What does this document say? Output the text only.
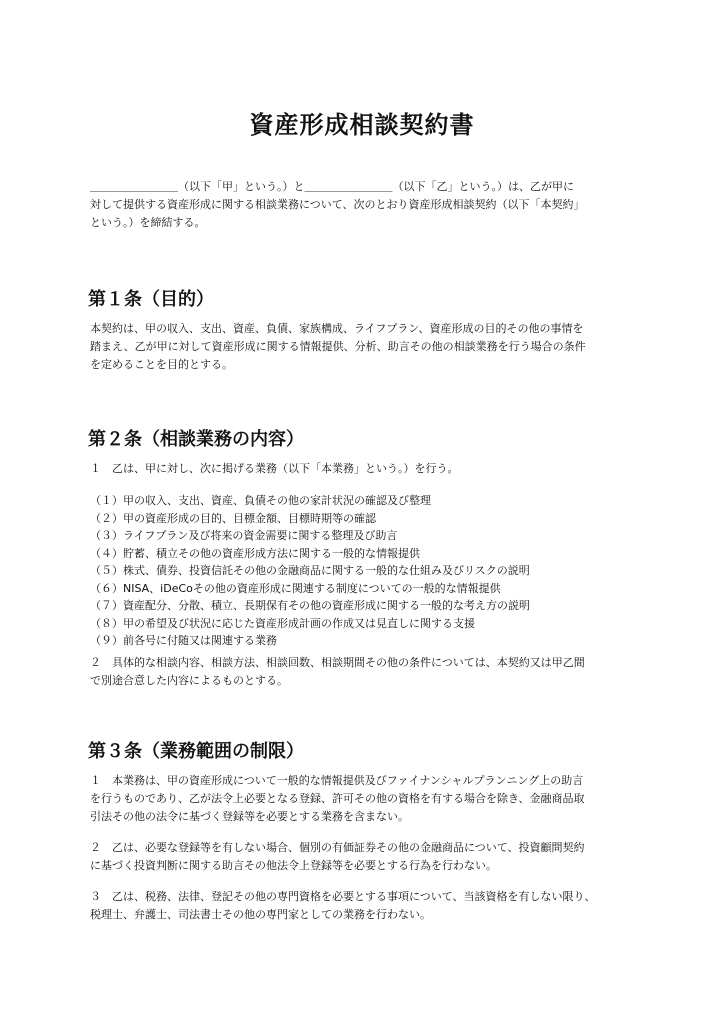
資産形成相談契約書

＿＿＿＿＿＿＿＿（以下「甲」という。）と＿＿＿＿＿＿＿＿（以下「乙」という。）は、乙が甲に
対して提供する資産形成に関する相談業務について、次のとおり資産形成相談契約（以下「本契約」
という。）を締結する。

第１条（目的）

本契約は、甲の収入、支出、資産、負債、家族構成、ライフプラン、資産形成の目的その他の事情を
踏まえ、乙が甲に対して資産形成に関する情報提供、分析、助言その他の相談業務を行う場合の条件
を定めることを目的とする。

第２条（相談業務の内容）

１　乙は、甲に対し、次に掲げる業務（以下「本業務」という。）を行う。

（１）甲の収入、支出、資産、負債その他の家計状況の確認及び整理
（２）甲の資産形成の目的、目標金額、目標時期等の確認
（３）ライフプラン及び将来の資金需要に関する整理及び助言
（４）貯蓄、積立その他の資産形成方法に関する一般的な情報提供
（５）株式、債券、投資信託その他の金融商品に関する一般的な仕組み及びリスクの説明
（６）NISA、iDeCoその他の資産形成に関連する制度についての一般的な情報提供
（７）資産配分、分散、積立、長期保有その他の資産形成に関する一般的な考え方の説明
（８）甲の希望及び状況に応じた資産形成計画の作成又は見直しに関する支援
（９）前各号に付随又は関連する業務

２　具体的な相談内容、相談方法、相談回数、相談期間その他の条件については、本契約又は甲乙間
で別途合意した内容によるものとする。

第３条（業務範囲の制限）

１　本業務は、甲の資産形成について一般的な情報提供及びファイナンシャルプランニング上の助言
を行うものであり、乙が法令上必要となる登録、許可その他の資格を有する場合を除き、金融商品取
引法その他の法令に基づく登録等を必要とする業務を含まない。

２　乙は、必要な登録等を有しない場合、個別の有価証券その他の金融商品について、投資顧問契約
に基づく投資判断に関する助言その他法令上登録等を必要とする行為を行わない。

３　乙は、税務、法律、登記その他の専門資格を必要とする事項について、当該資格を有しない限り、
税理士、弁護士、司法書士その他の専門家としての業務を行わない。
